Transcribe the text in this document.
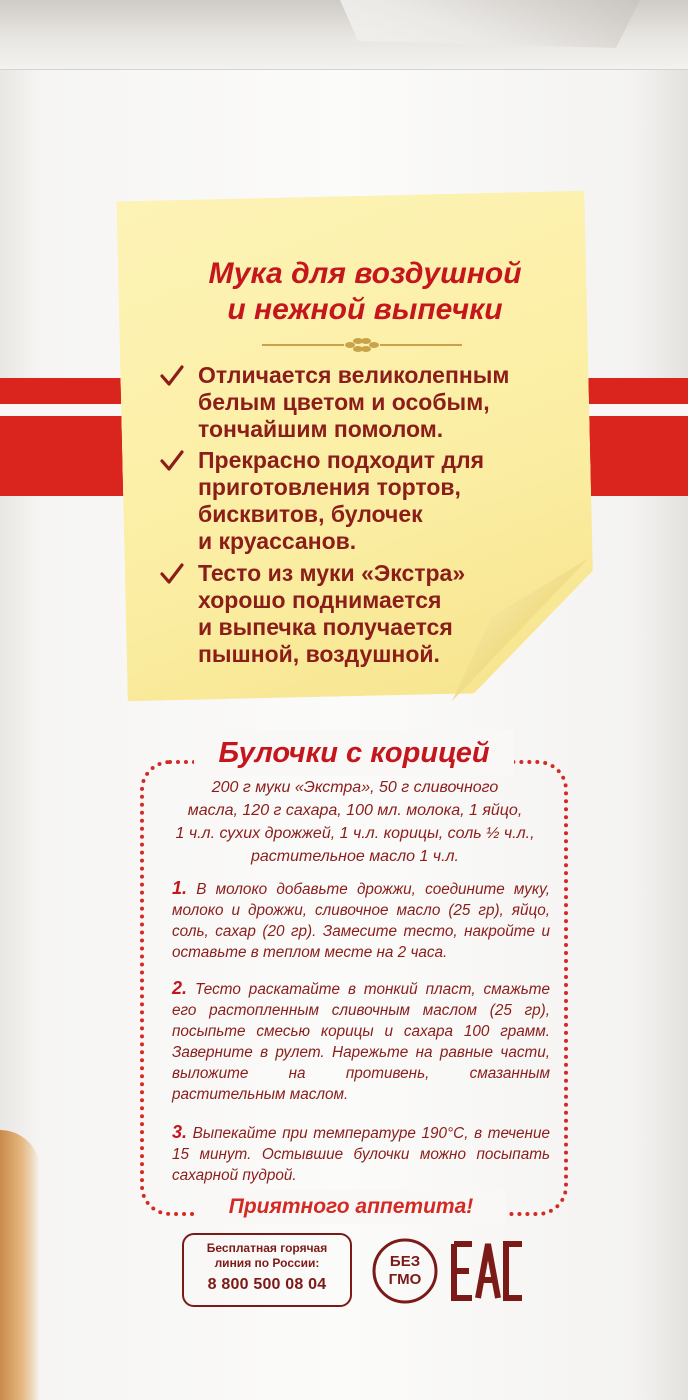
Мука для воздушной
и нежной выпечки
Отличается великолепным
белым цветом и особым,
тончайшим помолом.
Прекрасно подходит для
приготовления тортов,
бисквитов, булочек
и круассанов.
Тесто из муки «Экстра»
хорошо поднимается
и выпечка получается
пышной, воздушной.
Булочки с корицей
200 г муки «Экстра», 50 г сливочного
масла, 120 г сахара, 100 мл. молока, 1 яйцо,
1 ч.л. сухих дрожжей, 1 ч.л. корицы, соль ½ ч.л.,
растительное масло 1 ч.л.
1. В молоко добавьте дрожжи, соедините муку, молоко и дрожжи, сливочное масло (25 гр), яйцо, соль, сахар (20 гр). Замесите тесто, накройте и оставьте в теплом месте на 2 часа.
2. Тесто раскатайте в тонкий пласт, смажьте его растопленным сливочным маслом (25 гр), посыпьте смесью корицы и сахара 100 грамм. Заверните в рулет. Нарежьте на равные части, выложите на противень, смазанным растительным маслом.
3. Выпекайте при температуре 190°С, в течение 15 минут. Остывшие булочки можно посыпать сахарной пудрой.
Приятного аппетита!
Бесплатная горячая
линия по России:
8 800 500 08 04
БЕЗ
ГМО
